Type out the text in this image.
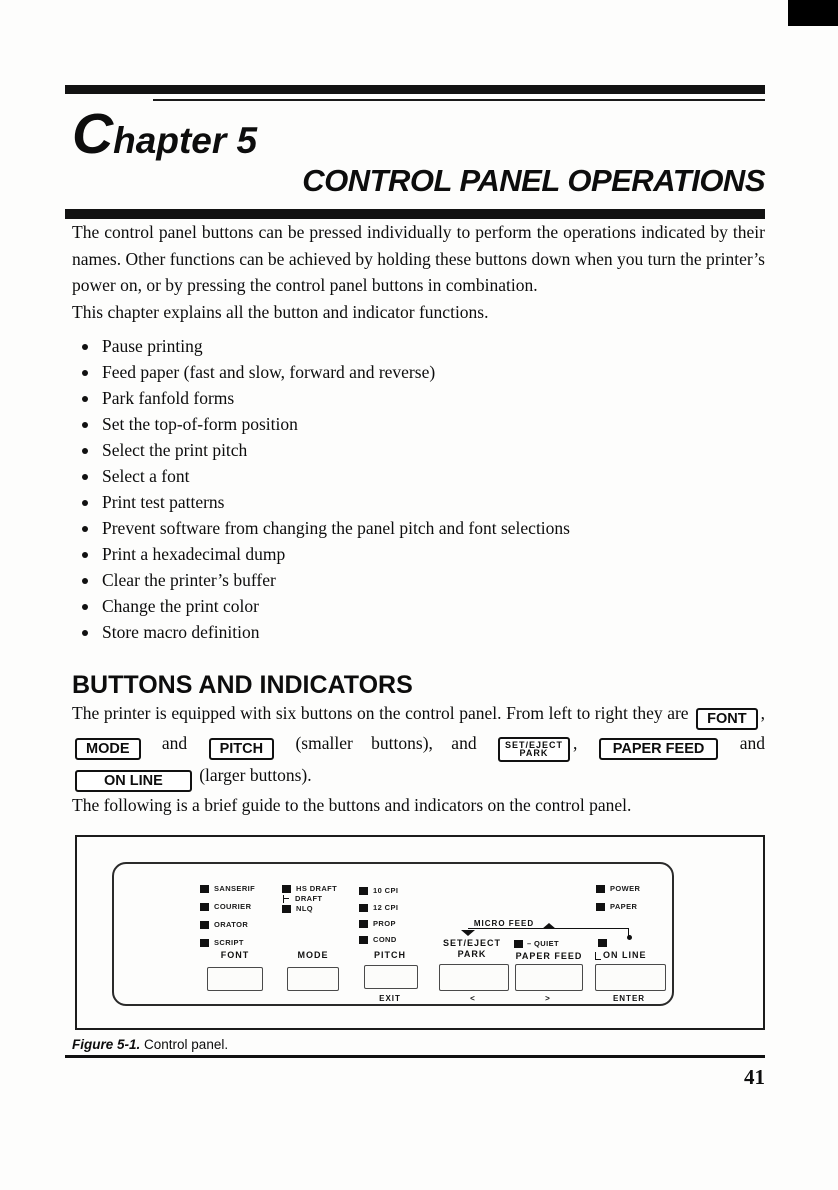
Chapter 5
CONTROL PANEL OPERATIONS

The control panel buttons can be pressed individually to perform the operations indicated by their names. Other functions can be achieved by holding these buttons down when you turn the printer’s power on, or by pressing the control panel buttons in combination.

This chapter explains all the button and indicator functions.

Pause printing
Feed paper (fast and slow, forward and reverse)
Park fanfold forms
Set the top-of-form position
Select the print pitch
Select a font
Print test patterns
Prevent software from changing the panel pitch and font selections
Print a hexadecimal dump
Clear the printer’s buffer
Change the print color
Store macro definition
BUTTONS AND INDICATORS

The printer is equipped with six buttons on the control panel. From left to right they are FONT , MODE and PITCH (smaller buttons), and	SET/EJECT
PARK	, PAPER FEED and ON LINE (larger buttons).

The following is a brief guide to the buttons and indicators on the control panel.

SANSERIF
COURIER
ORATOR
SCRIPT
HS DRAFT
DRAFT
NLQ
10 CPI
12 CPI
PROP
COND
POWER
PAPER
MICRO FEED
FONT	MODE	PITCH
SET/EJECT
PARK
– QUIET
PAPER FEED	ON LINE
EXIT	<	>	ENTER
Figure 5-1. Control panel.
41
